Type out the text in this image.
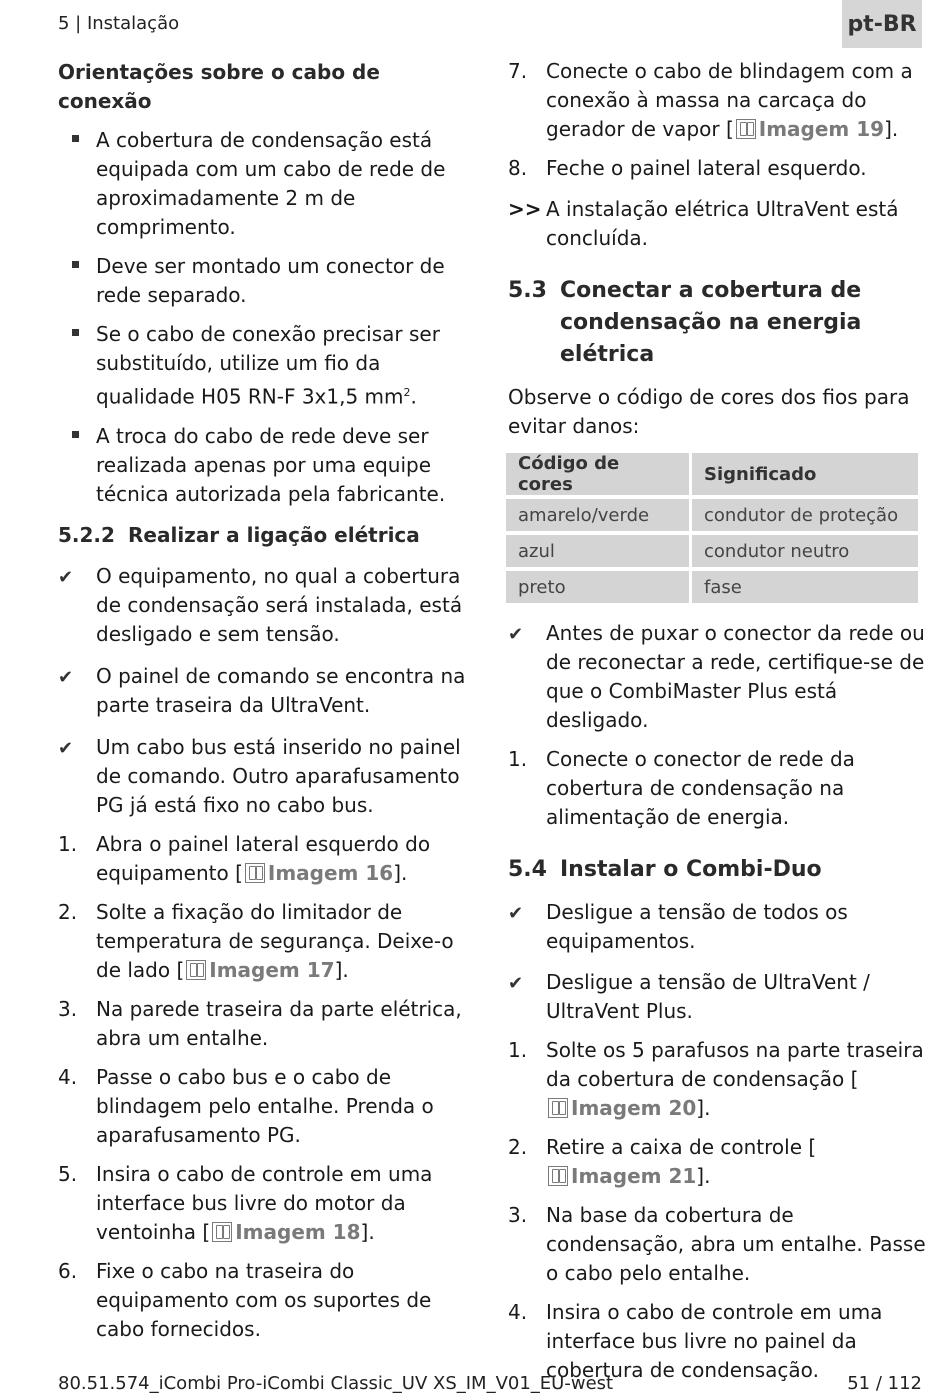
5 | Instalação	pt-BR
Orientações sobre o cabo de conexão
A cobertura de condensação está equipada com um cabo de rede de aproximadamente 2 m de comprimento.
Deve ser montado um conector de rede separado.
Se o cabo de conexão precisar ser substituído, utilize um fio da qualidade H05 RN-F 3x1,5 $mm^2$.
A troca do cabo de rede deve ser realizada apenas por uma equipe técnica autorizada pela fabricante.
5.2.2 Realizar a ligação elétrica
✔	O equipamento, no qual a cobertura de condensação será instalada, está desligado e sem tensão.
✔	O painel de comando se encontra na parte traseira da UltraVent.
✔	Um cabo bus está inserido no painel de comando. Outro aparafusamento PG já está fixo no cabo bus.
1. Abra o painel lateral esquerdo do equipamento [ Imagem 16].
2. Solte a fixação do limitador de temperatura de segurança. Deixe-o de lado [ Imagem 17].
3. Na parede traseira da parte elétrica, abra um entalhe.
4. Passe o cabo bus e o cabo de blindagem pelo entalhe. Prenda o aparafusamento PG.
5. Insira o cabo de controle em uma interface bus livre do motor da ventoinha [ Imagem 18].
6. Fixe o cabo na traseira do equipamento com os suportes de cabo fornecidos.
7. Conecte o cabo de blindagem com a conexão à massa na carcaça do gerador de vapor [ Imagem 19].
8. Feche o painel lateral esquerdo.
>> A instalação elétrica UltraVent está concluída.
5.3 Conectar a cobertura de condensação na energia elétrica
Observe o código de cores dos fios para evitar danos:
Código de cores	Significado
amarelo/verde	condutor de proteção
azul	condutor neutro
preto	fase
✔	Antes de puxar o conector da rede ou de reconectar a rede, certifique-se de que o CombiMaster Plus está desligado.
1. Conecte o conector de rede da cobertura de condensação na alimentação de energia.
5.4 Instalar o Combi-Duo
✔	Desligue a tensão de todos os equipamentos.
✔	Desligue a tensão de UltraVent / UltraVent Plus.
1. Solte os 5 parafusos na parte traseira da cobertura de condensação [Imagem 20].
2. Retire a caixa de controle [Imagem 21].
3. Na base da cobertura de condensação, abra um entalhe. Passe o cabo pelo entalhe.
4. Insira o cabo de controle em uma interface bus livre no painel da cobertura de condensação.
80.51.574_iCombi Pro-iCombi Classic_UV XS_IM_V01_EU-west	51 / 112
